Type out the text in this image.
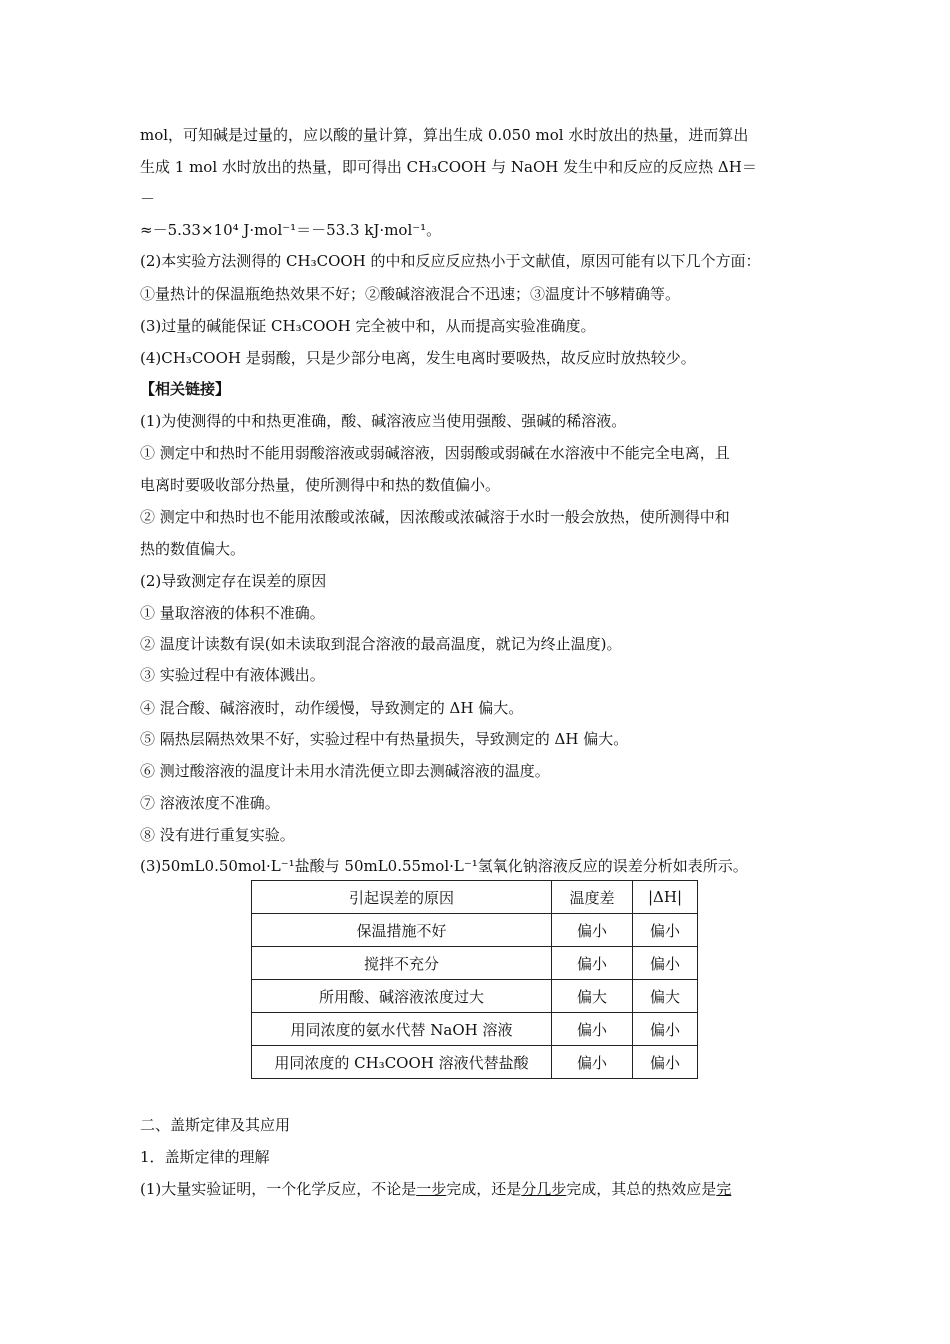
mol，可知碱是过量的，应以酸的量计算，算出生成 0.050 mol 水时放出的热量，进而算出
生成 1 mol 水时放出的热量，即可得出 CH₃COOH 与 NaOH 发生中和反应的反应热 ΔH＝
－
≈－5.33×10⁴ J·mol⁻¹＝－53.3 kJ·mol⁻¹。
(2)本实验方法测得的 CH₃COOH 的中和反应反应热小于文献值，原因可能有以下几个方面：
①量热计的保温瓶绝热效果不好；②酸碱溶液混合不迅速；③温度计不够精确等。
(3)过量的碱能保证 CH₃COOH 完全被中和，从而提高实验准确度。
(4)CH₃COOH 是弱酸，只是少部分电离，发生电离时要吸热，故反应时放热较少。
【相关链接】
(1)为使测得的中和热更准确，酸、碱溶液应当使用强酸、强碱的稀溶液。
① 测定中和热时不能用弱酸溶液或弱碱溶液，因弱酸或弱碱在水溶液中不能完全电离，且
电离时要吸收部分热量，使所测得中和热的数值偏小。
② 测定中和热时也不能用浓酸或浓碱，因浓酸或浓碱溶于水时一般会放热，使所测得中和
热的数值偏大。
(2)导致测定存在误差的原因
① 量取溶液的体积不准确。
② 温度计读数有误(如未读取到混合溶液的最高温度，就记为终止温度)。
③ 实验过程中有液体溅出。
④ 混合酸、碱溶液时，动作缓慢，导致测定的 ΔH 偏大。
⑤ 隔热层隔热效果不好，实验过程中有热量损失，导致测定的 ΔH 偏大。
⑥ 测过酸溶液的温度计未用水清洗便立即去测碱溶液的温度。
⑦ 溶液浓度不准确。
⑧ 没有进行重复实验。
(3)50mL0.50mol·L⁻¹盐酸与 50mL0.55mol·L⁻¹氢氧化钠溶液反应的误差分析如表所示。
引起误差的原因	温度差	|ΔH|
保温措施不好	偏小	偏小
搅拌不充分	偏小	偏小
所用酸、碱溶液浓度过大	偏大	偏大
用同浓度的氨水代替 NaOH 溶液	偏小	偏小
用同浓度的 CH₃COOH 溶液代替盐酸	偏小	偏小
二、盖斯定律及其应用
1．盖斯定律的理解
(1)大量实验证明，一个化学反应，不论是一步完成，还是分几步完成，其总的热效应是完
